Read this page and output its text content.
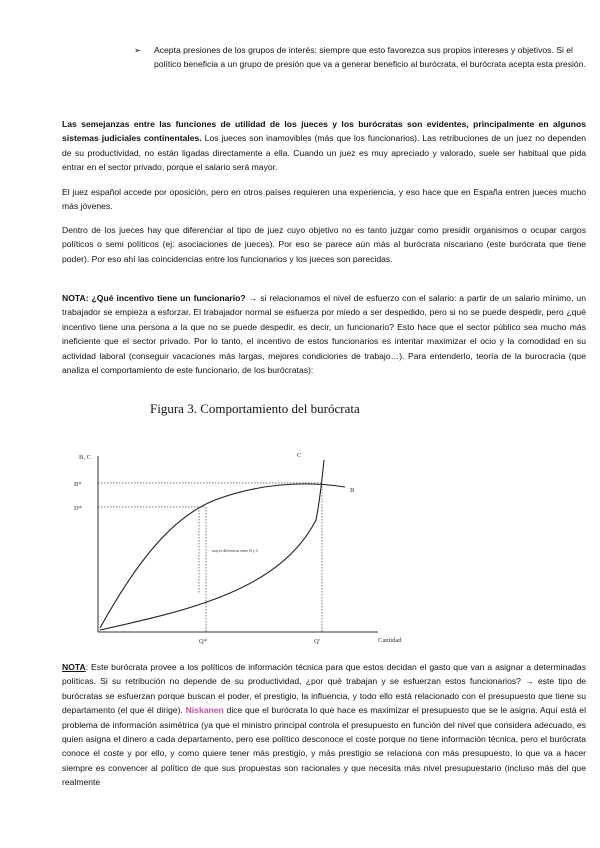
➢ Acepta presiones de los grupos de interés: siempre que esto favorezca sus propios intereses y objetivos. Si el político beneficia a un grupo de presión que va a generar beneficio al burócrata, el burócrata acepta esta presión.

Las semejanzas entre las funciones de utilidad de los jueces y los burócratas son evidentes, principalmente en algunos sistemas judiciales continentales. Los jueces son inamovibles (más que los funcionarios). Las retribuciones de un juez no dependen de su productividad, no están ligadas directamente a ella. Cuando un juez es muy apreciado y valorado, suele ser habitual que pida entrar en el sector privado, porque el salario será mayor.

El juez español accede por oposición, pero en otros países requieren una experiencia, y eso hace que en España entren jueces mucho más jóvenes.

Dentro de los jueces hay que diferenciar al tipo de juez cuyo objetivo no es tanto juzgar como presidir organismos o ocupar cargos políticos o semi políticos (ej: asociaciones de jueces). Por eso se parece aún más al burócrata niscariano (este burócrata que tiene poder). Por eso ahí las coincidencias entre los funcionarios y los jueces son parecidas.

NOTA: ¿Qué incentivo tiene un funcionario? → si relacionamos el nivel de esfuerzo con el salario: a partir de un salario mínimo, un trabajador se empieza a esforzar. El trabajador normal se esfuerza por miedo a ser despedido, pero si no se puede despedir, pero ¿qué incentivo tiene una persona a la que no se puede despedir, es decir, un funcionario? Esto hace que el sector público sea mucho más ineficiente que el sector privado. Por lo tanto, el incentivo de estos funcionarios es intentar maximizar el ocio y la comodidad en su actividad laboral (conseguir vacaciones más largas, mejores condiciones de trabajo…). Para entenderlo, teoría de la burocracia (que analiza el comportamiento de este funcionario, de los burócratas):

Figura 3. Comportamiento del burócrata
B, C
Cantidad
C
B
B*
D*
Q*	Q'
mayor diferencia entre B y C

NOTA: Este burócrata provee a los políticos de información técnica para que estos decidan el gasto que van a asignar a determinadas políticas. Si su retribución no depende de su productividad, ¿por qué trabajan y se esfuerzan estos funcionarios? → este tipo de burócratas se esfuerzan porque buscan el poder, el prestigio, la influencia, y todo ello está relacionado con el presupuesto que tiene su departamento (el que él dirige). Niskanen dice que el burócrata lo que hace es maximizar el presupuesto que se le asigna. Aquí está el problema de información asimétrica (ya que el ministro principal controla el presupuesto en función del nivel que considera adecuado, es quien asigna el dinero a cada departamento, pero ese político desconoce el coste porque no tiene información técnica, pero el burócrata conoce el coste y por ello, y como quiere tener más prestigio, y más prestigio se relaciona con más presupuesto, lo que va a hacer siempre es convencer al político de que sus propuestas son racionales y que necesita más nivel presupuestario (incluso más del que realmente
